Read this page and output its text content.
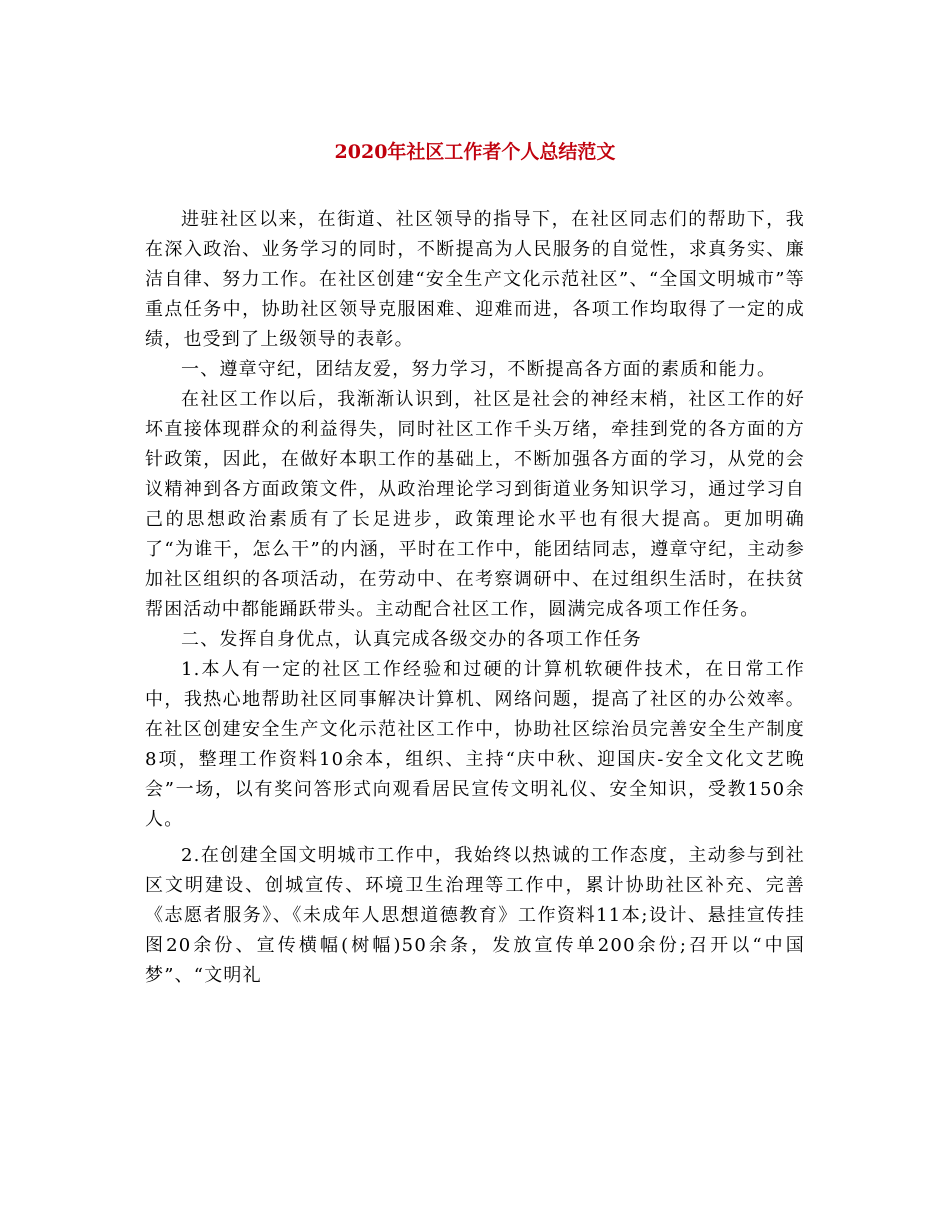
2020年社区工作者个人总结范文

进驻社区以来，在街道、社区领导的指导下，在社区同志们的帮助下，我在深入政治、业务学习的同时，不断提高为人民服务的自觉性，求真务实、廉洁自律、努力工作。在社区创建“安全生产文化示范社区”、“全国文明城市”等重点任务中，协助社区领导克服困难、迎难而进，各项工作均取得了一定的成绩，也受到了上级领导的表彰。

一、遵章守纪，团结友爱，努力学习，不断提高各方面的素质和能力。

在社区工作以后，我渐渐认识到，社区是社会的神经末梢，社区工作的好坏直接体现群众的利益得失，同时社区工作千头万绪，牵挂到党的各方面的方针政策，因此，在做好本职工作的基础上，不断加强各方面的学习，从党的会议精神到各方面政策文件，从政治理论学习到街道业务知识学习，通过学习自己的思想政治素质有了长足进步，政策理论水平也有很大提高。更加明确了“为谁干，怎么干”的内涵，平时在工作中，能团结同志，遵章守纪，主动参加社区组织的各项活动，在劳动中、在考察调研中、在过组织生活时，在扶贫帮困活动中都能踊跃带头。主动配合社区工作，圆满完成各项工作任务。

二、发挥自身优点，认真完成各级交办的各项工作任务

1.本人有一定的社区工作经验和过硬的计算机软硬件技术，在日常工作中，我热心地帮助社区同事解决计算机、网络问题，提高了社区的办公效率。在社区创建安全生产文化示范社区工作中，协助社区综治员完善安全生产制度8项，整理工作资料10余本，组织、主持“庆中秋、迎国庆-安全文化文艺晚会”一场，以有奖问答形式向观看居民宣传文明礼仪、安全知识，受教150余人。

2.在创建全国文明城市工作中，我始终以热诚的工作态度，主动参与到社区文明建设、创城宣传、环境卫生治理等工作中，累计协助社区补充、完善《志愿者服务》、《未成年人思想道德教育》工作资料11本;设计、悬挂宣传挂图20余份、宣传横幅(树幅)50余条，发放宣传单200余份;召开以“中国梦”、“文明礼
